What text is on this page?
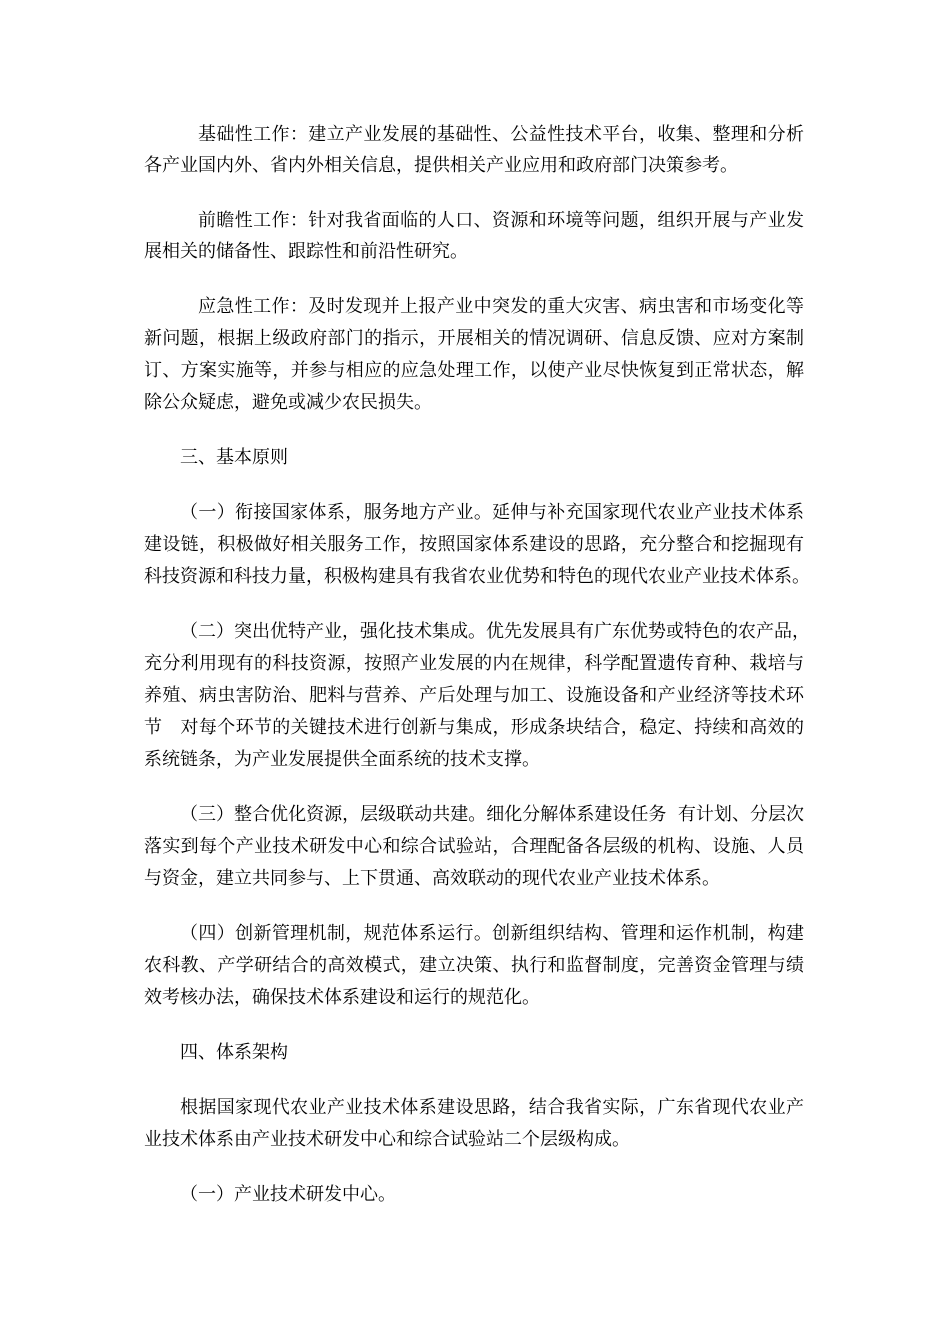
基础性工作：建立产业发展的基础性、公益性技术平台，收集、整理和分析
各产业国内外、省内外相关信息，提供相关产业应用和政府部门决策参考。
前瞻性工作：针对我省面临的人口、资源和环境等问题，组织开展与产业发
展相关的储备性、跟踪性和前沿性研究。
应急性工作：及时发现并上报产业中突发的重大灾害、病虫害和市场变化等
新问题，根据上级政府部门的指示，开展相关的情况调研、信息反馈、应对方案制
订、方案实施等，并参与相应的应急处理工作，以使产业尽快恢复到正常状态，解
除公众疑虑，避免或减少农民损失。
三、基本原则
（一）衔接国家体系，服务地方产业。延伸与补充国家现代农业产业技术体系
建设链，积极做好相关服务工作，按照国家体系建设的思路，充分整合和挖掘现有
科技资源和科技力量，积极构建具有我省农业优势和特色的现代农业产业技术体系。
（二）突出优特产业，强化技术集成。优先发展具有广东优势或特色的农产品，
充分利用现有的科技资源，按照产业发展的内在规律，科学配置遗传育种、栽培与
养殖、病虫害防治、肥料与营养、产后处理与加工、设施设备和产业经济等技术环
节   对每个环节的关键技术进行创新与集成，形成条块结合，稳定、持续和高效的
系统链条，为产业发展提供全面系统的技术支撑。
（三）整合优化资源，层级联动共建。细化分解体系建设任务  有计划、分层次
落实到每个产业技术研发中心和综合试验站，合理配备各层级的机构、设施、人员
与资金，建立共同参与、上下贯通、高效联动的现代农业产业技术体系。
（四）创新管理机制，规范体系运行。创新组织结构、管理和运作机制，构建
农科教、产学研结合的高效模式，建立决策、执行和监督制度，完善资金管理与绩
效考核办法，确保技术体系建设和运行的规范化。
四、体系架构
根据国家现代农业产业技术体系建设思路，结合我省实际，广东省现代农业产
业技术体系由产业技术研发中心和综合试验站二个层级构成。
（一）产业技术研发中心。
